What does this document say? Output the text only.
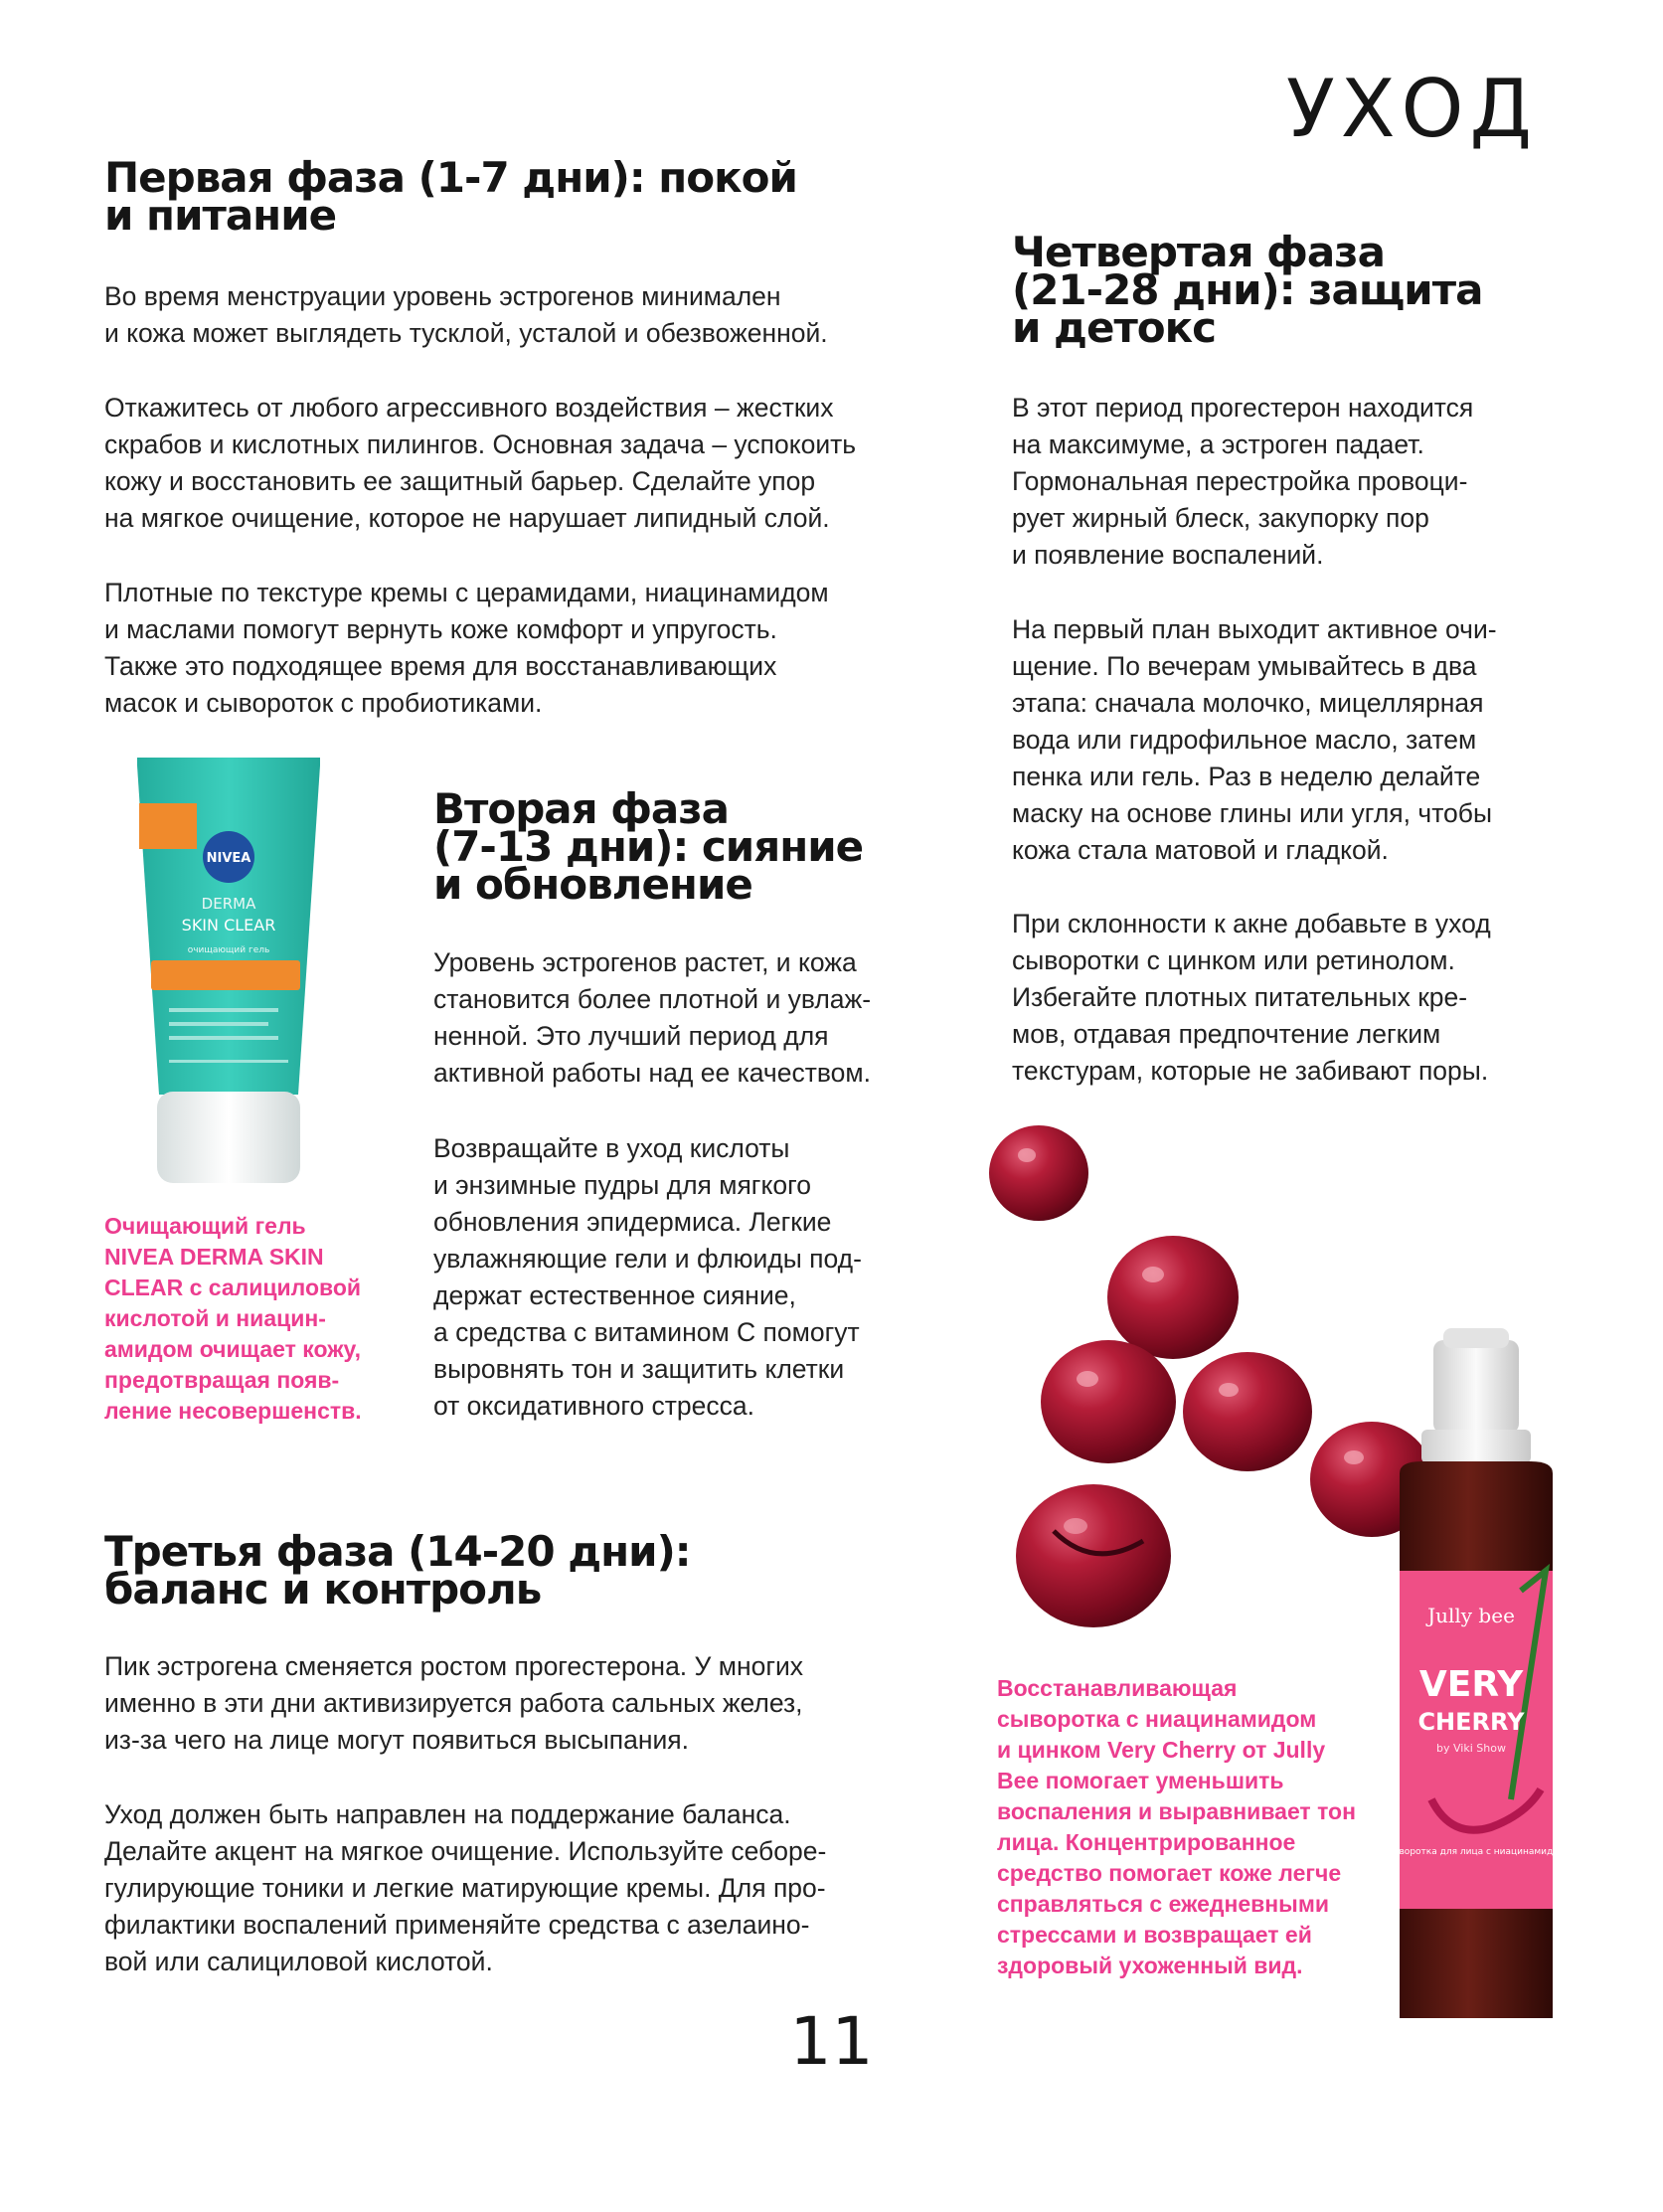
УХОД
Первая фаза (1-7 дни): покой
и питание

Во время менструации уровень эстрогенов минимален
и кожа может выглядеть тусклой, усталой и обезвоженной.

Откажитесь от любого агрессивного воздействия – жестких
скрабов и кислотных пилингов. Основная задача – успокоить
кожу и восстановить ее защитный барьер. Сделайте упор
на мягкое очищение, которое не нарушает липидный слой.

Плотные по текстуре кремы с церамидами, ниацинамидом
и маслами помогут вернуть коже комфорт и упругость.
Также это подходящее время для восстанавливающих
масок и сывороток с пробиотиками.

NIVEA
DERMA
SKIN CLEAR
очищающий гель

Очищающий гель
NIVEA DERMA SKIN
CLEAR с салициловой
кислотой и ниацин-
амидом очищает кожу,
предотвращая появ-
ление несовершенств.

Вторая фаза
(7-13 дни): сияние
и обновление

Уровень эстрогенов растет, и кожа
становится более плотной и увлаж-
ненной. Это лучший период для
активной работы над ее качеством.

Возвращайте в уход кислоты
и энзимные пудры для мягкого
обновления эпидермиса. Легкие
увлажняющие гели и флюиды под-
держат естественное сияние,
а средства с витамином С помогут
выровнять тон и защитить клетки
от оксидативного стресса.

Третья фаза (14-20 дни):
баланс и контроль

Пик эстрогена сменяется ростом прогестерона. У многих
именно в эти дни активизируется работа сальных желез,
из-за чего на лице могут появиться высыпания.

Уход должен быть направлен на поддержание баланса.
Делайте акцент на мягкое очищение. Используйте себоре-
гулирующие тоники и легкие матирующие кремы. Для про-
филактики воспалений применяйте средства с азелаино-
вой или салициловой кислотой.

Четвертая фаза
(21-28 дни): защита
и детокс

В этот период прогестерон находится
на максимуме, а эстроген падает.
Гормональная перестройка провоци-
рует жирный блеск, закупорку пор
и появление воспалений.

На первый план выходит активное очи-
щение. По вечерам умывайтесь в два
этапа: сначала молочко, мицеллярная
вода или гидрофильное масло, затем
пенка или гель. Раз в неделю делайте
маску на основе глины или угля, чтобы
кожа стала матовой и гладкой.

При склонности к акне добавьте в уход
сыворотки с цинком или ретинолом.
Избегайте плотных питательных кре-
мов, отдавая предпочтение легким
текстурам, которые не забивают поры.

Jully bee
VERY
CHERRY
by Viki Show
сыворотка для лица с ниацинамидом

Восстанавливающая
сыворотка с ниацинамидом
и цинком Very Cherry от Jully
Bee помогает уменьшить
воспаления и выравнивает тон
лица. Концентрированное
средство помогает коже легче
справляться с ежедневными
стрессами и возвращает ей
здоровый ухоженный вид.

11
